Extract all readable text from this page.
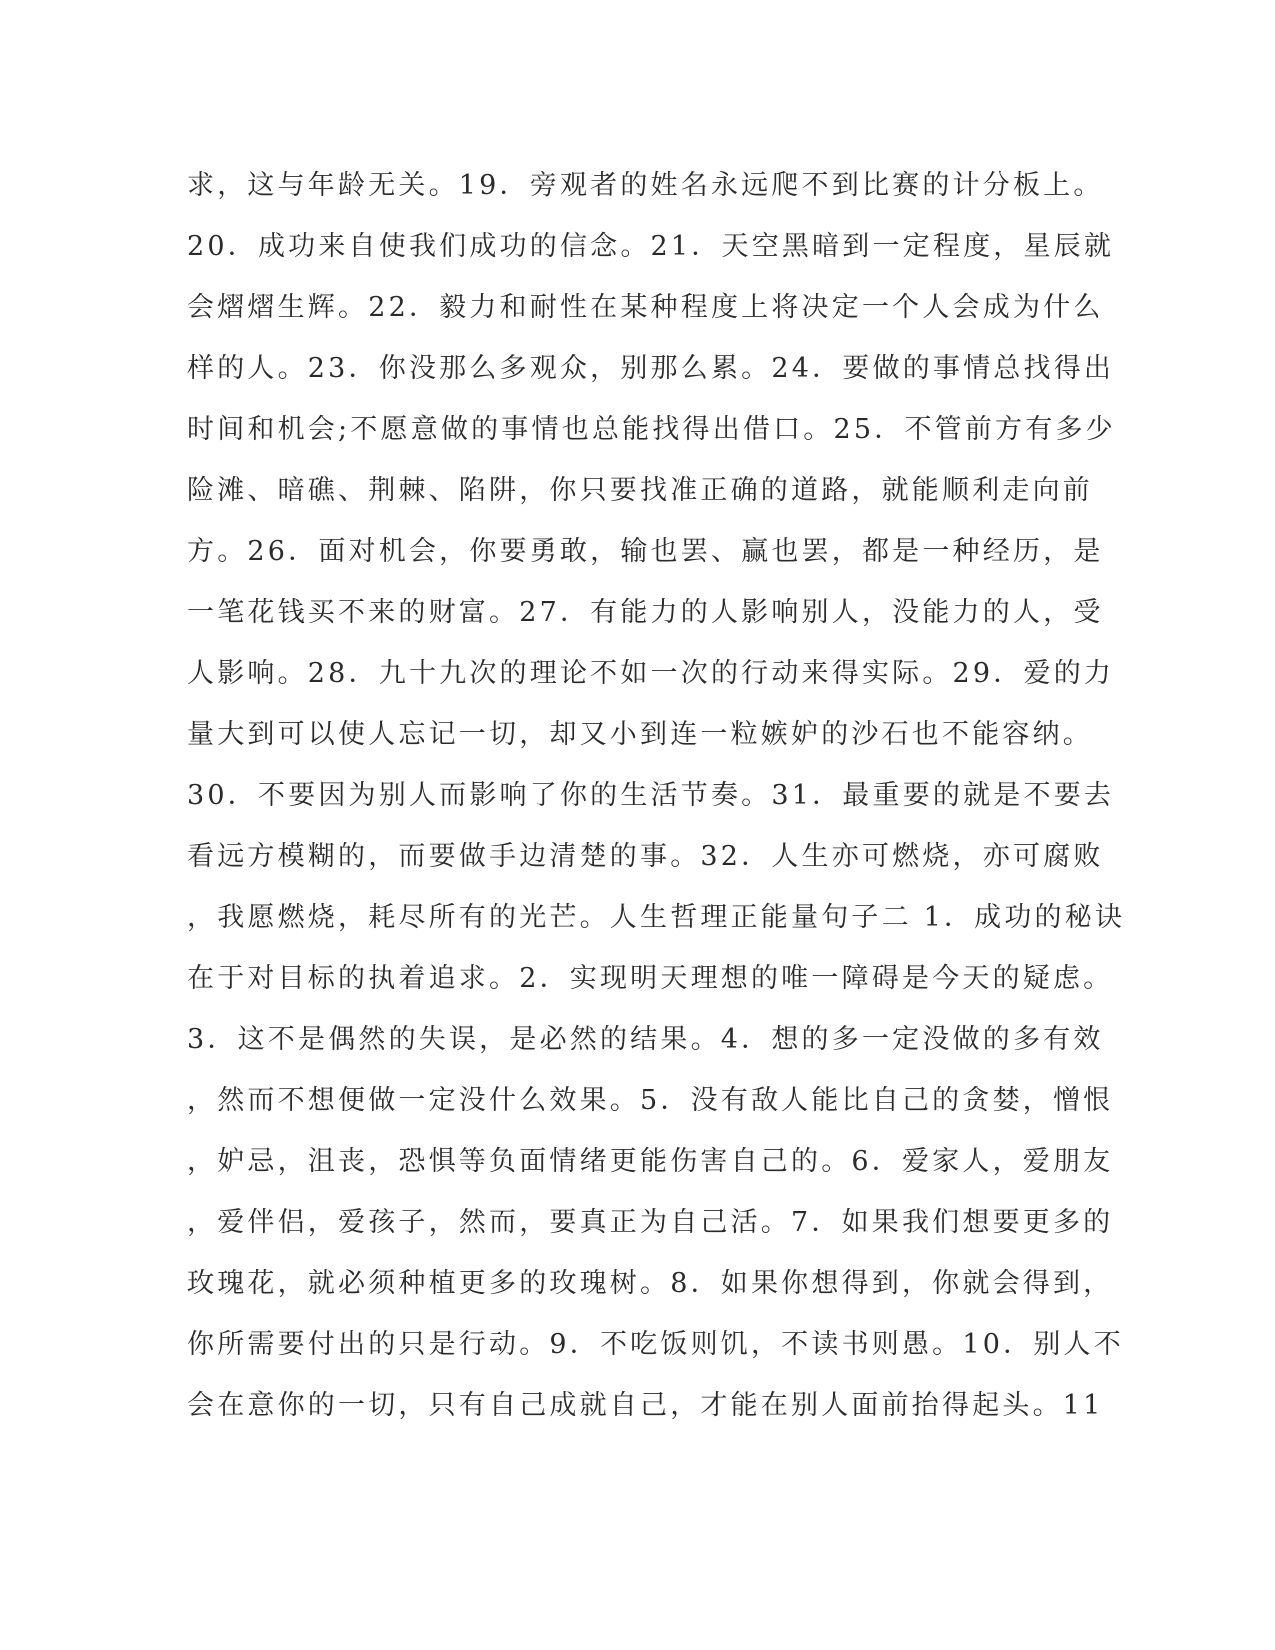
求，这与年龄无关。19．旁观者的姓名永远爬不到比赛的计分板上。
20．成功来自使我们成功的信念。21．天空黑暗到一定程度，星辰就
会熠熠生辉。22．毅力和耐性在某种程度上将决定一个人会成为什么
样的人。23．你没那么多观众，别那么累。24．要做的事情总找得出
时间和机会;不愿意做的事情也总能找得出借口。25．不管前方有多少
险滩、暗礁、荆棘、陷阱，你只要找准正确的道路，就能顺利走向前
方。26．面对机会，你要勇敢，输也罢、赢也罢，都是一种经历，是
一笔花钱买不来的财富。27．有能力的人影响别人，没能力的人，受
人影响。28．九十九次的理论不如一次的行动来得实际。29．爱的力
量大到可以使人忘记一切，却又小到连一粒嫉妒的沙石也不能容纳。
30．不要因为别人而影响了你的生活节奏。31．最重要的就是不要去
看远方模糊的，而要做手边清楚的事。32．人生亦可燃烧，亦可腐败
，我愿燃烧，耗尽所有的光芒。人生哲理正能量句子二 1．成功的秘诀
在于对目标的执着追求。2．实现明天理想的唯一障碍是今天的疑虑。
3．这不是偶然的失误，是必然的结果。4．想的多一定没做的多有效
，然而不想便做一定没什么效果。5．没有敌人能比自己的贪婪，憎恨
，妒忌，沮丧，恐惧等负面情绪更能伤害自己的。6．爱家人，爱朋友
，爱伴侣，爱孩子，然而，要真正为自己活。7．如果我们想要更多的
玫瑰花，就必须种植更多的玫瑰树。8．如果你想得到，你就会得到，
你所需要付出的只是行动。9．不吃饭则饥，不读书则愚。10．别人不
会在意你的一切，只有自己成就自己，才能在别人面前抬得起头。11
